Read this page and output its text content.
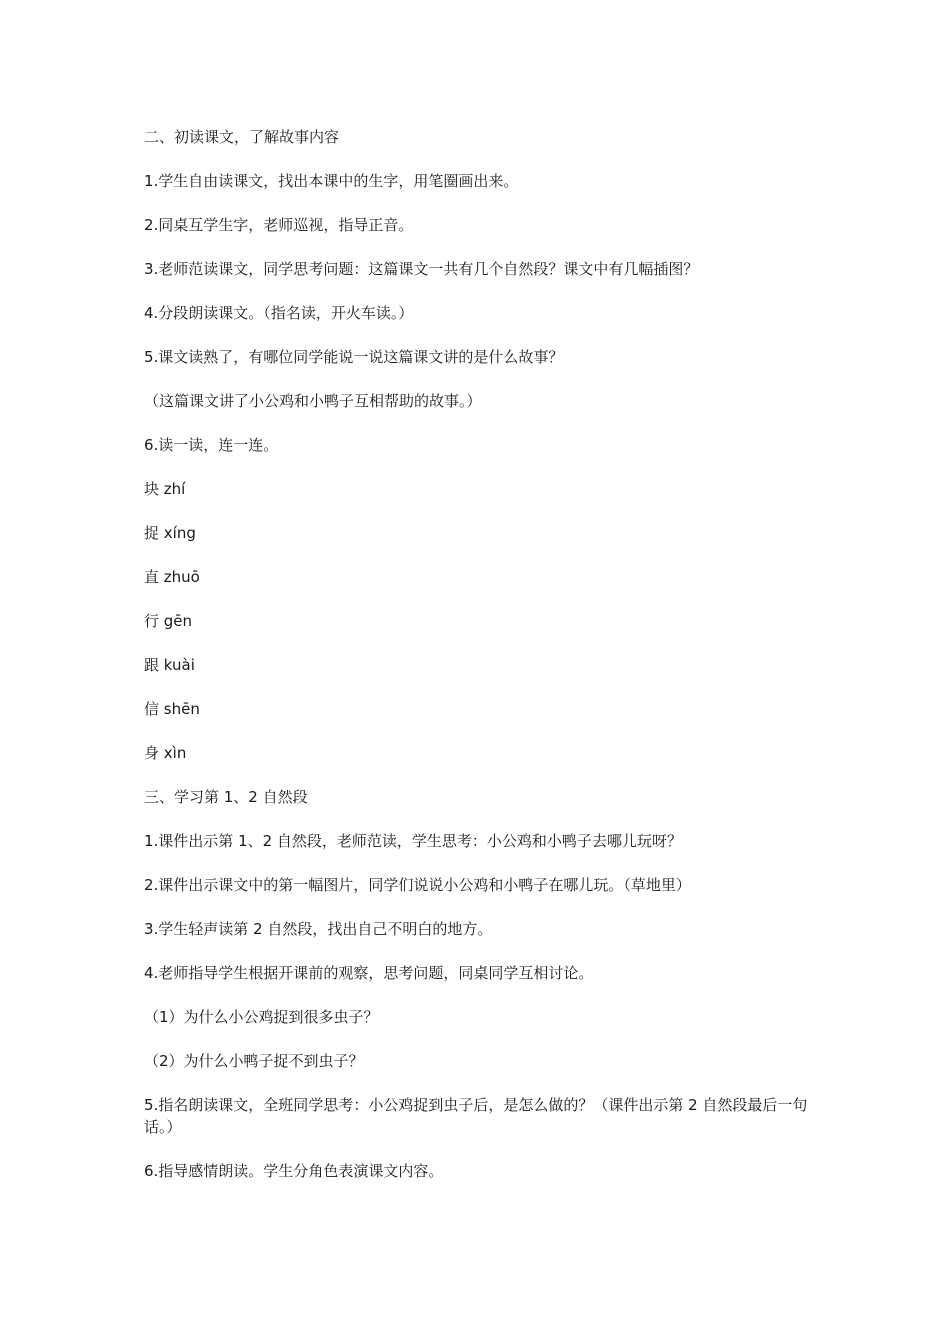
二、初读课文，了解故事内容

1.学生自由读课文，找出本课中的生字，用笔圈画出来。

2.同桌互学生字，老师巡视，指导正音。

3.老师范读课文，同学思考问题：这篇课文一共有几个自然段？课文中有几幅插图？

4.分段朗读课文。（指名读，开火车读。）

5.课文读熟了，有哪位同学能说一说这篇课文讲的是什么故事？

（这篇课文讲了小公鸡和小鸭子互相帮助的故事。）

6.读一读，连一连。

块 zhí

捉 xíng

直 zhuō

行 gēn

跟 kuài

信 shēn

身 xìn

三、学习第 1、2 自然段

1.课件出示第 1、2 自然段，老师范读，学生思考：小公鸡和小鸭子去哪儿玩呀？

2.课件出示课文中的第一幅图片，同学们说说小公鸡和小鸭子在哪儿玩。（草地里）

3.学生轻声读第 2 自然段，找出自己不明白的地方。

4.老师指导学生根据开课前的观察，思考问题，同桌同学互相讨论。

（1）为什么小公鸡捉到很多虫子？

（2）为什么小鸭子捉不到虫子？

5.指名朗读课文，全班同学思考：小公鸡捉到虫子后，是怎么做的？（课件出示第 2 自然段最后一句话。）

6.指导感情朗读。学生分角色表演课文内容。
